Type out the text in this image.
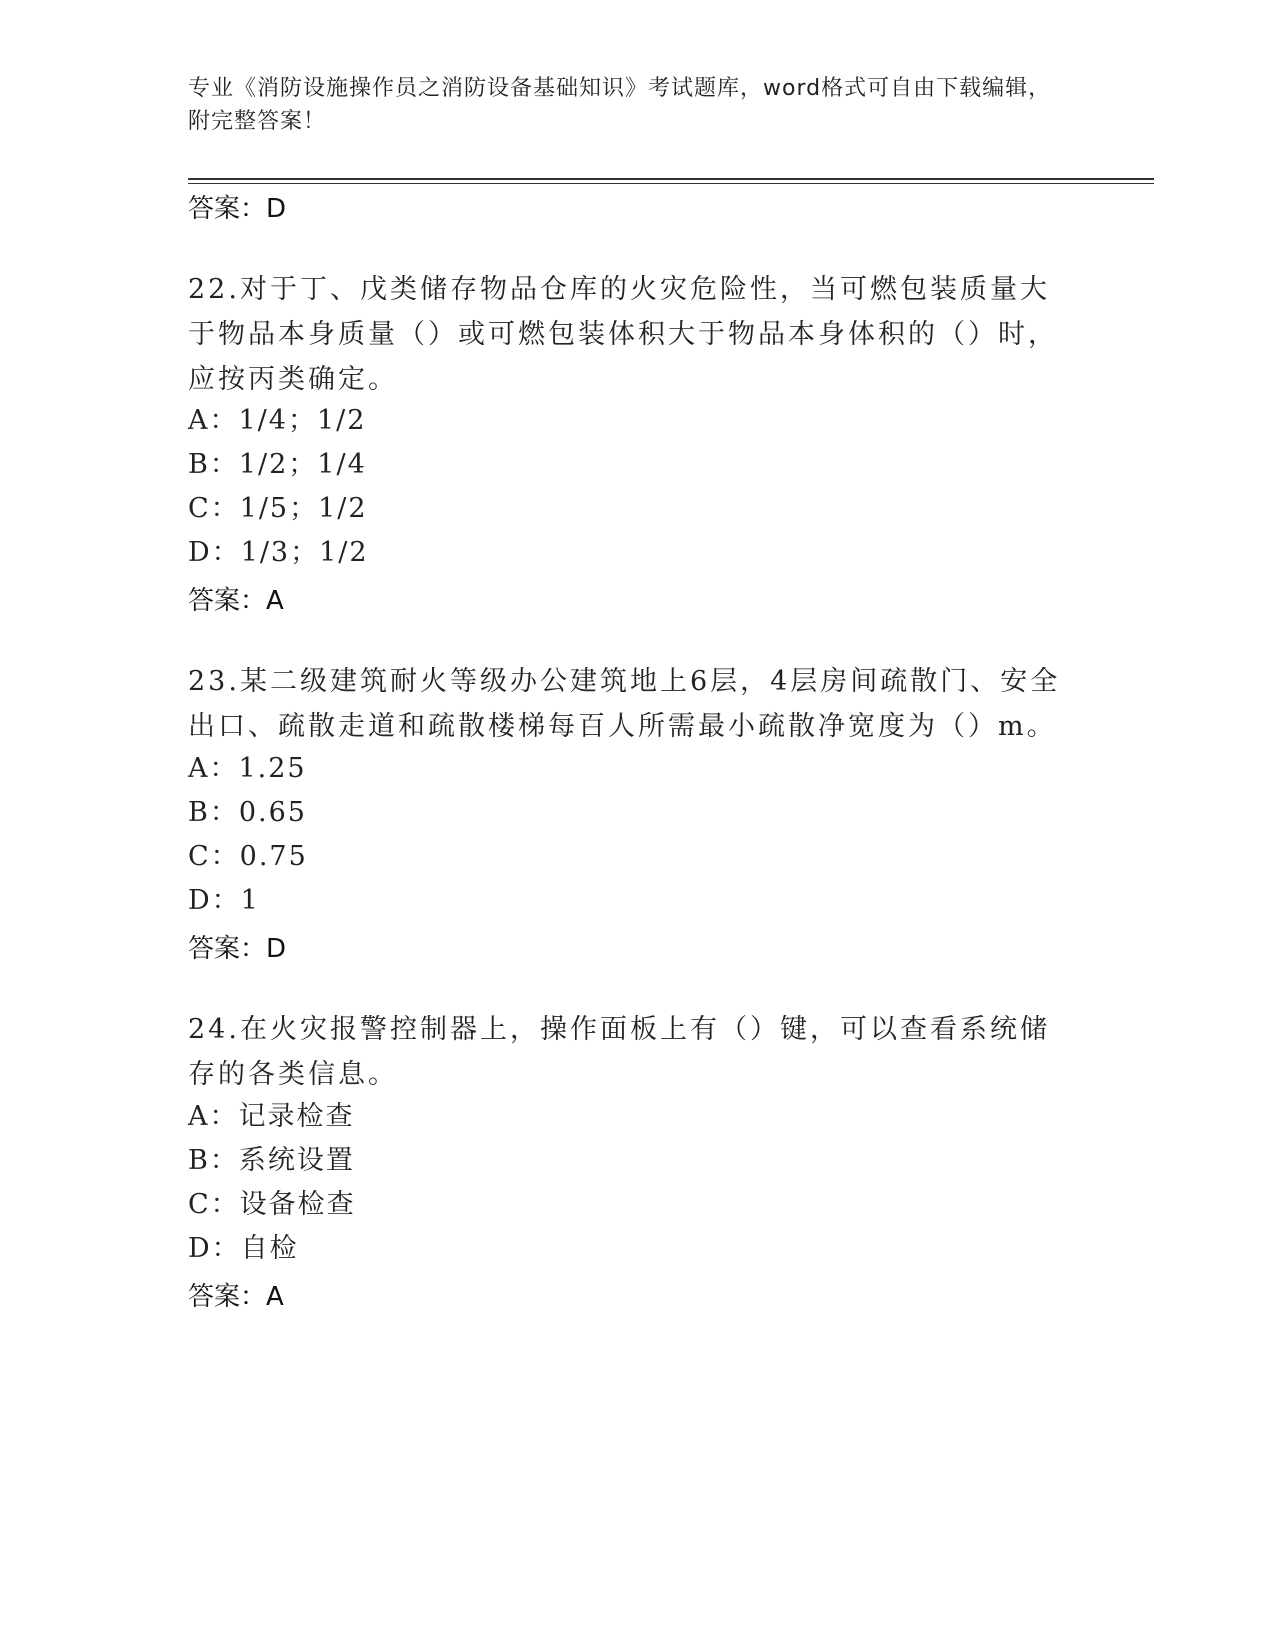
专业《消防设施操作员之消防设备基础知识》考试题库，word格式可自由下载编辑，附完整答案！
答案：D
22.对于丁、戊类储存物品仓库的火灾危险性，当可燃包装质量大于物品本身质量（）或可燃包装体积大于物品本身体积的（）时，应按丙类确定。
A：1/4；1/2
B：1/2；1/4
C：1/5；1/2
D：1/3；1/2
答案：A
23.某二级建筑耐火等级办公建筑地上6层，4层房间疏散门、安全出口、疏散走道和疏散楼梯每百人所需最小疏散净宽度为（）m。
A：1.25
B：0.65
C：0.75
D：1
答案：D
24.在火灾报警控制器上，操作面板上有（）键，可以查看系统储存的各类信息。
A：记录检查
B：系统设置
C：设备检查
D：自检
答案：A
